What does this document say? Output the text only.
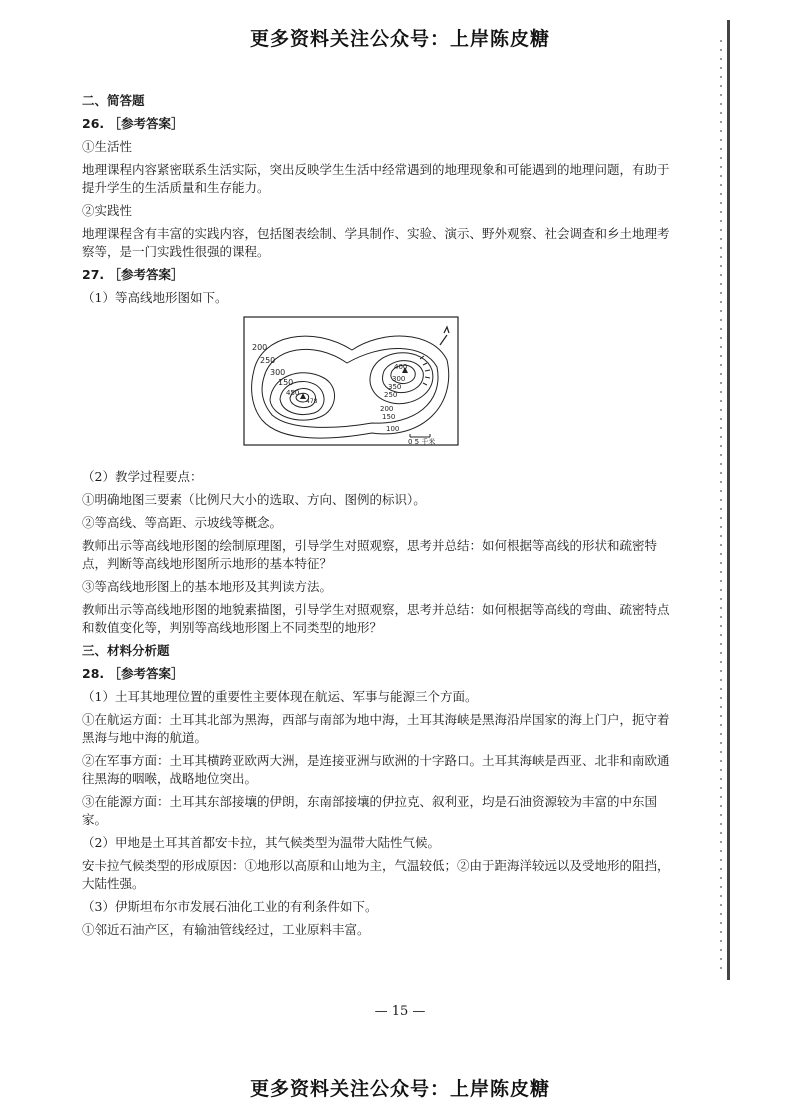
更多资料关注公众号：上岸陈皮糖

二、简答题

26. ［参考答案］

①生活性

地理课程内容紧密联系生活实际，突出反映学生生活中经常遇到的地理现象和可能遇到的地理问题，有助于提升学生的生活质量和生存能力。

②实践性

地理课程含有丰富的实践内容，包括图表绘制、学具制作、实验、演示、野外观察、社会调查和乡土地理考察等，是一门实践性很强的课程。

27. ［参考答案］

（1）等高线地形图如下。

200
250
300
150
450
400
300
350
250
200
150
100
478
0 5 千米

（2）教学过程要点：

①明确地图三要素（比例尺大小的选取、方向、图例的标识）。

②等高线、等高距、示坡线等概念。

教师出示等高线地形图的绘制原理图，引导学生对照观察，思考并总结：如何根据等高线的形状和疏密特点，判断等高线地形图所示地形的基本特征？

③等高线地形图上的基本地形及其判读方法。

教师出示等高线地形图的地貌素描图，引导学生对照观察，思考并总结：如何根据等高线的弯曲、疏密特点和数值变化等，判别等高线地形图上不同类型的地形？

三、材料分析题

28. ［参考答案］

（1）土耳其地理位置的重要性主要体现在航运、军事与能源三个方面。

①在航运方面：土耳其北部为黑海，西部与南部为地中海，土耳其海峡是黑海沿岸国家的海上门户，扼守着黑海与地中海的航道。

②在军事方面：土耳其横跨亚欧两大洲，是连接亚洲与欧洲的十字路口。土耳其海峡是西亚、北非和南欧通往黑海的咽喉，战略地位突出。

③在能源方面：土耳其东部接壤的伊朗，东南部接壤的伊拉克、叙利亚，均是石油资源较为丰富的中东国家。

（2）甲地是土耳其首都安卡拉，其气候类型为温带大陆性气候。

安卡拉气候类型的形成原因：①地形以高原和山地为主，气温较低；②由于距海洋较远以及受地形的阻挡，大陆性强。

（3）伊斯坦布尔市发展石油化工业的有利条件如下。

①邻近石油产区，有输油管线经过，工业原料丰富。

— 15 —
更多资料关注公众号：上岸陈皮糖
